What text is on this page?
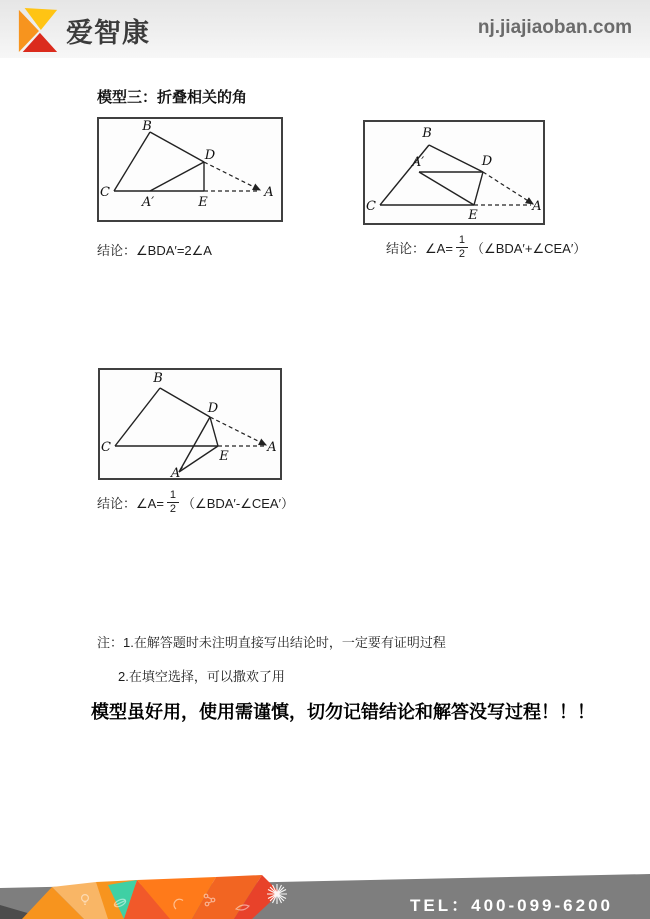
爱智康	nj.jiajiaoban.com
模型三：折叠相关的角
B
C
A′	E
D
A
B
C
A′
E
D
A
结论：∠BDA′=2∠A	结论：∠A= $\frac{1}{2}$ （∠BDA′+∠CEA′）
B
C
D
E
A′
A
结论：∠A= $\frac{1}{2}$ （∠BDA′-∠CEA′）
注：1.在解答题时未注明直接写出结论时，一定要有证明过程
2.在填空选择，可以撒欢了用
模型虽好用，使用需谨慎，切勿记错结论和解答没写过程！！！
TEL：400-099-6200
